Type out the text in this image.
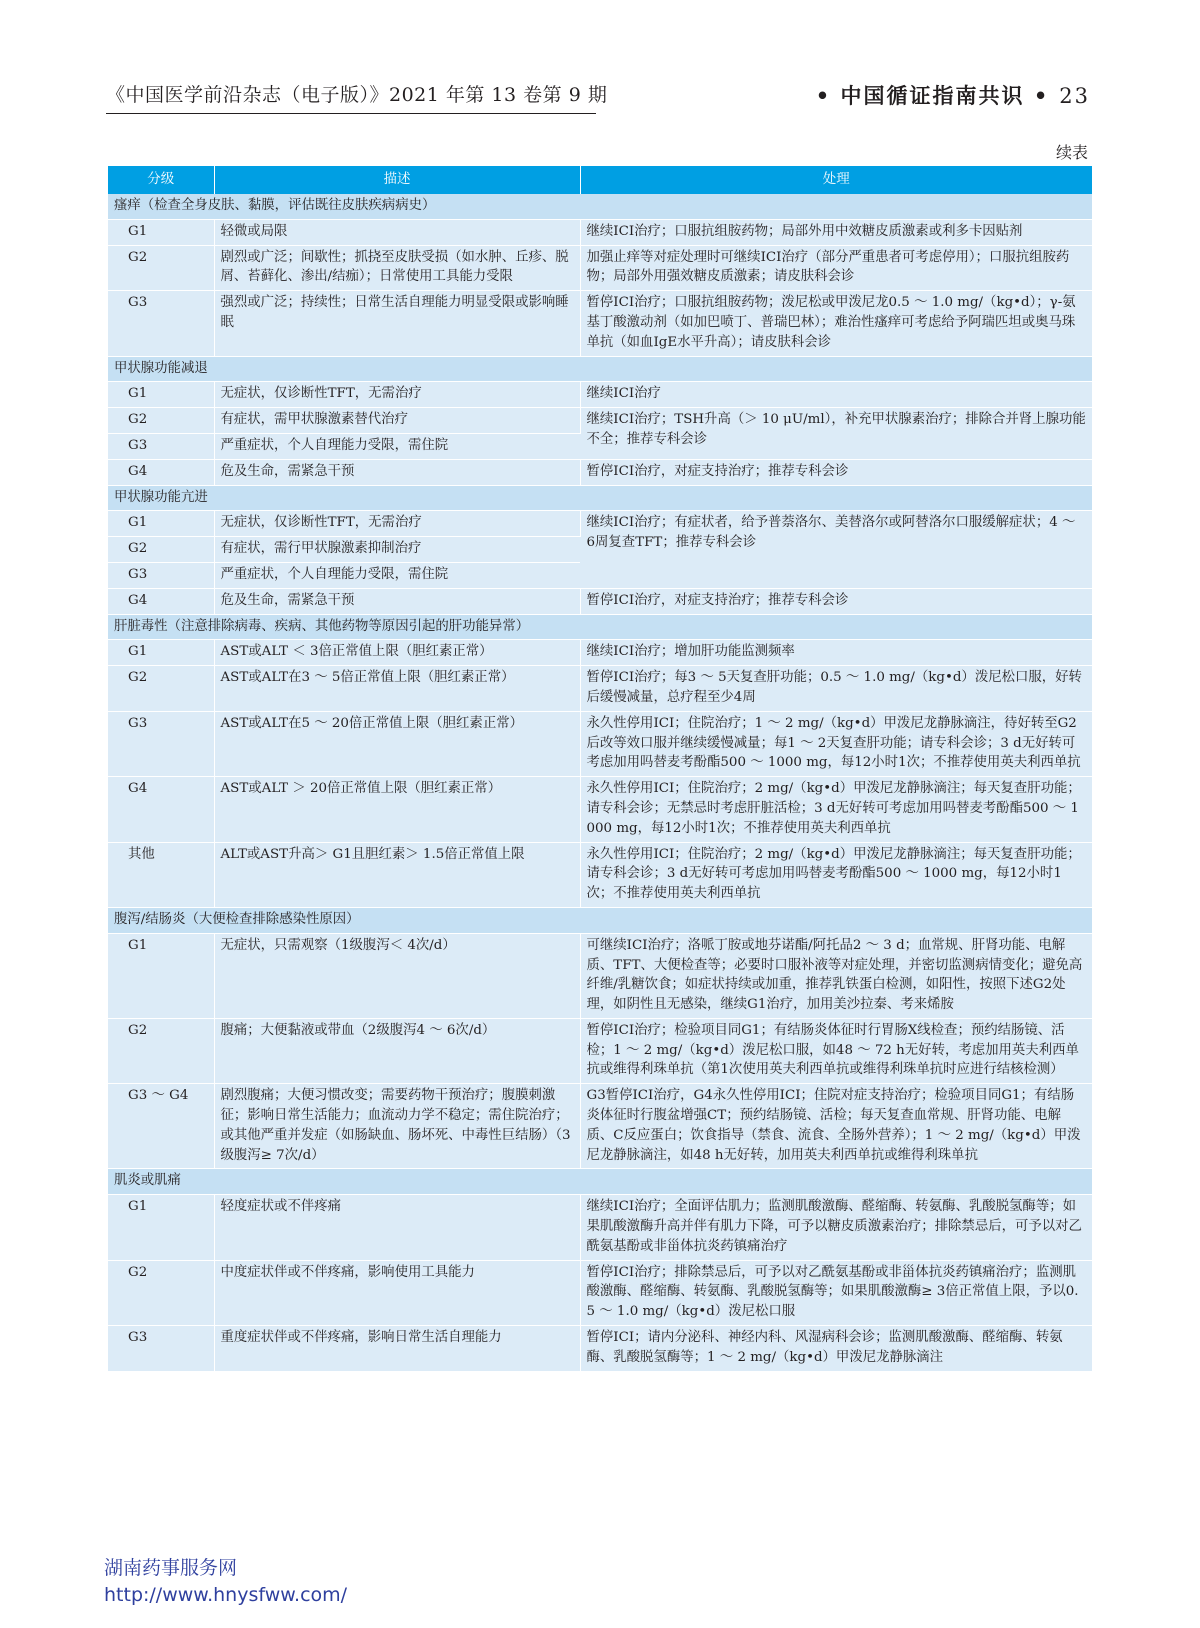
《中国医学前沿杂志（电子版）》2021 年第 13 卷第 9 期	• 中国循证指南共识 • 23
续表
分级	描述	处理
瘙痒（检查全身皮肤、黏膜，评估既往皮肤疾病病史）		
G1	轻微或局限	继续ICI治疗；口服抗组胺药物；局部外用中效糖皮质激素或利多卡因贴剂
G2	剧烈或广泛；间歇性；抓挠至皮肤受损（如水肿、丘疹、脱屑、苔藓化、渗出/结痂）；日常使用工具能力受限	加强止痒等对症处理时可继续ICI治疗（部分严重患者可考虑停用）；口服抗组胺药物；局部外用强效糖皮质激素；请皮肤科会诊
G3	强烈或广泛；持续性；日常生活自理能力明显受限或影响睡眠	暂停ICI治疗；口服抗组胺药物；泼尼松或甲泼尼龙0.5 ～ 1.0 mg/（kg•d）；γ-氨基丁酸激动剂（如加巴喷丁、普瑞巴林）；难治性瘙痒可考虑给予阿瑞匹坦或奥马珠单抗（如血IgE水平升高）；请皮肤科会诊
甲状腺功能减退		
G1	无症状，仅诊断性TFT，无需治疗	继续ICI治疗
G2	有症状，需甲状腺激素替代治疗	继续ICI治疗；TSH升高（＞ 10 μU/ml），补充甲状腺素治疗；排除合并肾上腺功能不全；推荐专科会诊
G3	严重症状，个人自理能力受限，需住院	
G4	危及生命，需紧急干预	暂停ICI治疗，对症支持治疗；推荐专科会诊
甲状腺功能亢进		
G1	无症状，仅诊断性TFT，无需治疗	继续ICI治疗；有症状者，给予普萘洛尔、美替洛尔或阿替洛尔口服缓解症状；4 ～ 6周复查TFT；推荐专科会诊
G2	有症状，需行甲状腺激素抑制治疗	
G3	严重症状，个人自理能力受限，需住院	
G4	危及生命，需紧急干预	暂停ICI治疗，对症支持治疗；推荐专科会诊
肝脏毒性（注意排除病毒、疾病、其他药物等原因引起的肝功能异常）		
G1	AST或ALT ＜ 3倍正常值上限（胆红素正常）	继续ICI治疗；增加肝功能监测频率
G2	AST或ALT在3 ～ 5倍正常值上限（胆红素正常）	暂停ICI治疗；每3 ～ 5天复查肝功能；0.5 ～ 1.0 mg/（kg•d）泼尼松口服，好转后缓慢减量，总疗程至少4周
G3	AST或ALT在5 ～ 20倍正常值上限（胆红素正常）	永久性停用ICI；住院治疗；1 ～ 2 mg/（kg•d）甲泼尼龙静脉滴注，待好转至G2后改等效口服并继续缓慢减量；每1 ～ 2天复查肝功能；请专科会诊；3 d无好转可考虑加用吗替麦考酚酯500 ～ 1000 mg，每12小时1次；不推荐使用英夫利西单抗
G4	AST或ALT ＞ 20倍正常值上限（胆红素正常）	永久性停用ICI；住院治疗；2 mg/（kg•d）甲泼尼龙静脉滴注；每天复查肝功能；请专科会诊；无禁忌时考虑肝脏活检；3 d无好转可考虑加用吗替麦考酚酯500 ～ 1000 mg，每12小时1次；不推荐使用英夫利西单抗
其他	ALT或AST升高＞ G1且胆红素＞ 1.5倍正常值上限	永久性停用ICI；住院治疗；2 mg/（kg•d）甲泼尼龙静脉滴注；每天复查肝功能；请专科会诊；3 d无好转可考虑加用吗替麦考酚酯500 ～ 1000 mg，每12小时1次；不推荐使用英夫利西单抗
腹泻/结肠炎（大便检查排除感染性原因）		
G1	无症状，只需观察（1级腹泻＜ 4次/d）	可继续ICI治疗；洛哌丁胺或地芬诺酯/阿托品2 ～ 3 d；血常规、肝肾功能、电解质、TFT、大便检查等；必要时口服补液等对症处理，并密切监测病情变化；避免高纤维/乳糖饮食；如症状持续或加重，推荐乳铁蛋白检测，如阳性，按照下述G2处理，如阴性且无感染，继续G1治疗，加用美沙拉秦、考来烯胺
G2	腹痛；大便黏液或带血（2级腹泻4 ～ 6次/d）	暂停ICI治疗；检验项目同G1；有结肠炎体征时行胃肠X线检查；预约结肠镜、活检；1 ～ 2 mg/（kg•d）泼尼松口服，如48 ～ 72 h无好转，考虑加用英夫利西单抗或维得利珠单抗（第1次使用英夫利西单抗或维得利珠单抗时应进行结核检测）
G3 ～ G4	剧烈腹痛；大便习惯改变；需要药物干预治疗；腹膜刺激征；影响日常生活能力；血流动力学不稳定；需住院治疗；或其他严重并发症（如肠缺血、肠坏死、中毒性巨结肠）（3级腹泻≥ 7次/d）	G3暂停ICI治疗，G4永久性停用ICI；住院对症支持治疗；检验项目同G1；有结肠炎体征时行腹盆增强CT；预约结肠镜、活检；每天复查血常规、肝肾功能、电解质、C反应蛋白；饮食指导（禁食、流食、全肠外营养）；1 ～ 2 mg/（kg•d）甲泼尼龙静脉滴注，如48 h无好转，加用英夫利西单抗或维得利珠单抗
肌炎或肌痛		
G1	轻度症状或不伴疼痛	继续ICI治疗；全面评估肌力；监测肌酸激酶、醛缩酶、转氨酶、乳酸脱氢酶等；如果肌酸激酶升高并伴有肌力下降，可予以糖皮质激素治疗；排除禁忌后，可予以对乙酰氨基酚或非甾体抗炎药镇痛治疗
G2	中度症状伴或不伴疼痛，影响使用工具能力	暂停ICI治疗；排除禁忌后，可予以对乙酰氨基酚或非甾体抗炎药镇痛治疗；监测肌酸激酶、醛缩酶、转氨酶、乳酸脱氢酶等；如果肌酸激酶≥ 3倍正常值上限，予以0.5 ～ 1.0 mg/（kg•d）泼尼松口服
G3	重度症状伴或不伴疼痛，影响日常生活自理能力	暂停ICI；请内分泌科、神经内科、风湿病科会诊；监测肌酸激酶、醛缩酶、转氨酶、乳酸脱氢酶等；1 ～ 2 mg/（kg•d）甲泼尼龙静脉滴注
湖南药事服务网
http://www.hnysfww.com/
